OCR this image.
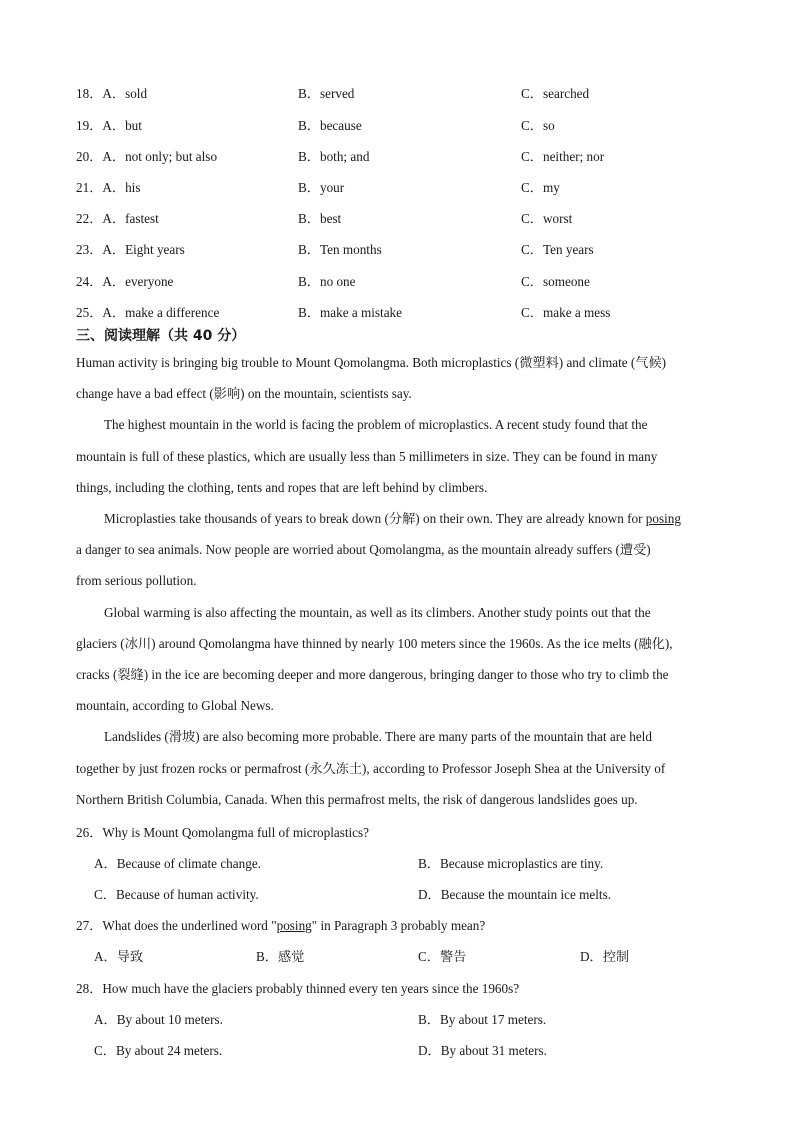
18．A．sold	B．served	C．searched
19．A．but	B．because	C．so
20．A．not only; but also	B．both; and	C．neither; nor
21．A．his	B．your	C．my
22．A．fastest	B．best	C．worst
23．A．Eight years	B．Ten months	C．Ten years
24．A．everyone	B．no one	C．someone
25．A．make a difference	B．make a mistake	C．make a mess
三、阅读理解（共 40 分）
Human activity is bringing big trouble to Mount Qomolangma. Both microplastics (微塑料) and climate (气候)
change have a bad effect (影响) on the mountain, scientists say.
The highest mountain in the world is facing the problem of microplastics. A recent study found that the
mountain is full of these plastics, which are usually less than 5 millimeters in size. They can be found in many
things, including the clothing, tents and ropes that are left behind by climbers.
Microplasties take thousands of years to break down (分解) on their own. They are already known for posing
a danger to sea animals. Now people are worried about Qomolangma, as the mountain already suffers (遭受)
from serious pollution.
Global warming is also affecting the mountain, as well as its climbers. Another study points out that the
glaciers (冰川) around Qomolangma have thinned by nearly 100 meters since the 1960s. As the ice melts (融化),
cracks (裂缝) in the ice are becoming deeper and more dangerous, bringing danger to those who try to climb the
mountain, according to Global News.
Landslides (滑坡) are also becoming more probable. There are many parts of the mountain that are held
together by just frozen rocks or permafrost (永久冻土), according to Professor Joseph Shea at the University of
Northern British Columbia, Canada. When this permafrost melts, the risk of dangerous landslides goes up.
26．Why is Mount Qomolangma full of microplastics?
A．Because of climate change.	B．Because microplastics are tiny.
C．Because of human activity.	D．Because the mountain ice melts.
27．What does the underlined word "posing" in Paragraph 3 probably mean?
A．导致	B．感觉	C．警告	D．控制
28．How much have the glaciers probably thinned every ten years since the 1960s?
A．By about 10 meters.	B．By about 17 meters.
C．By about 24 meters.	D．By about 31 meters.
